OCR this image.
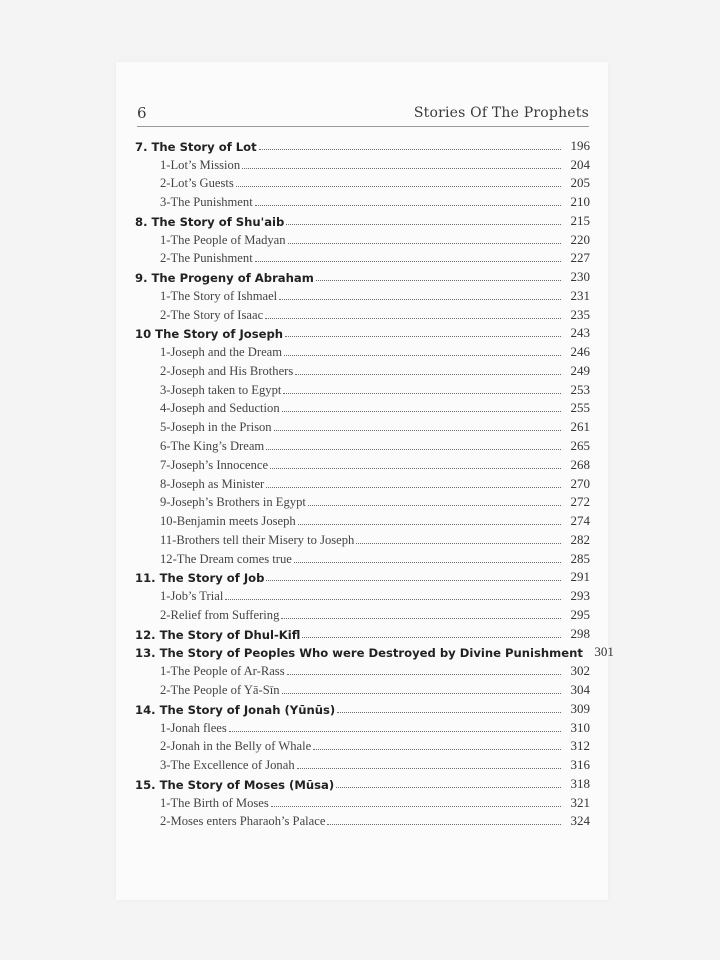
6	Stories Of The Prophets
7. The Story of Lot	196
1-Lot’s Mission	204
2-Lot’s Guests	205
3-The Punishment	210
8. The Story of Shu'aib	215
1-The People of Madyan	220
2-The Punishment	227
9. The Progeny of Abraham	230
1-The Story of Ishmael	231
2-The Story of Isaac	235
10 The Story of Joseph	243
1-Joseph and the Dream	246
2-Joseph and His Brothers	249
3-Joseph taken to Egypt	253
4-Joseph and Seduction	255
5-Joseph in the Prison	261
6-The King’s Dream	265
7-Joseph’s Innocence	268
8-Joseph as Minister	270
9-Joseph’s Brothers in Egypt	272
10-Benjamin meets Joseph	274
11-Brothers tell their Misery to Joseph	282
12-The Dream comes true	285
11. The Story of Job	291
1-Job’s Trial	293
2-Relief from Suffering	295
12. The Story of Dhul-Kifl	298
13. The Story of Peoples Who were Destroyed by Divine Punishment 301
1-The People of Ar-Rass	302
2-The People of Yā-Sīn	304
14. The Story of Jonah (Yūnūs)	309
1-Jonah flees	310
2-Jonah in the Belly of Whale	312
3-The Excellence of Jonah	316
15. The Story of Moses (Mūsa)	318
1-The Birth of Moses	321
2-Moses enters Pharaoh’s Palace	324
